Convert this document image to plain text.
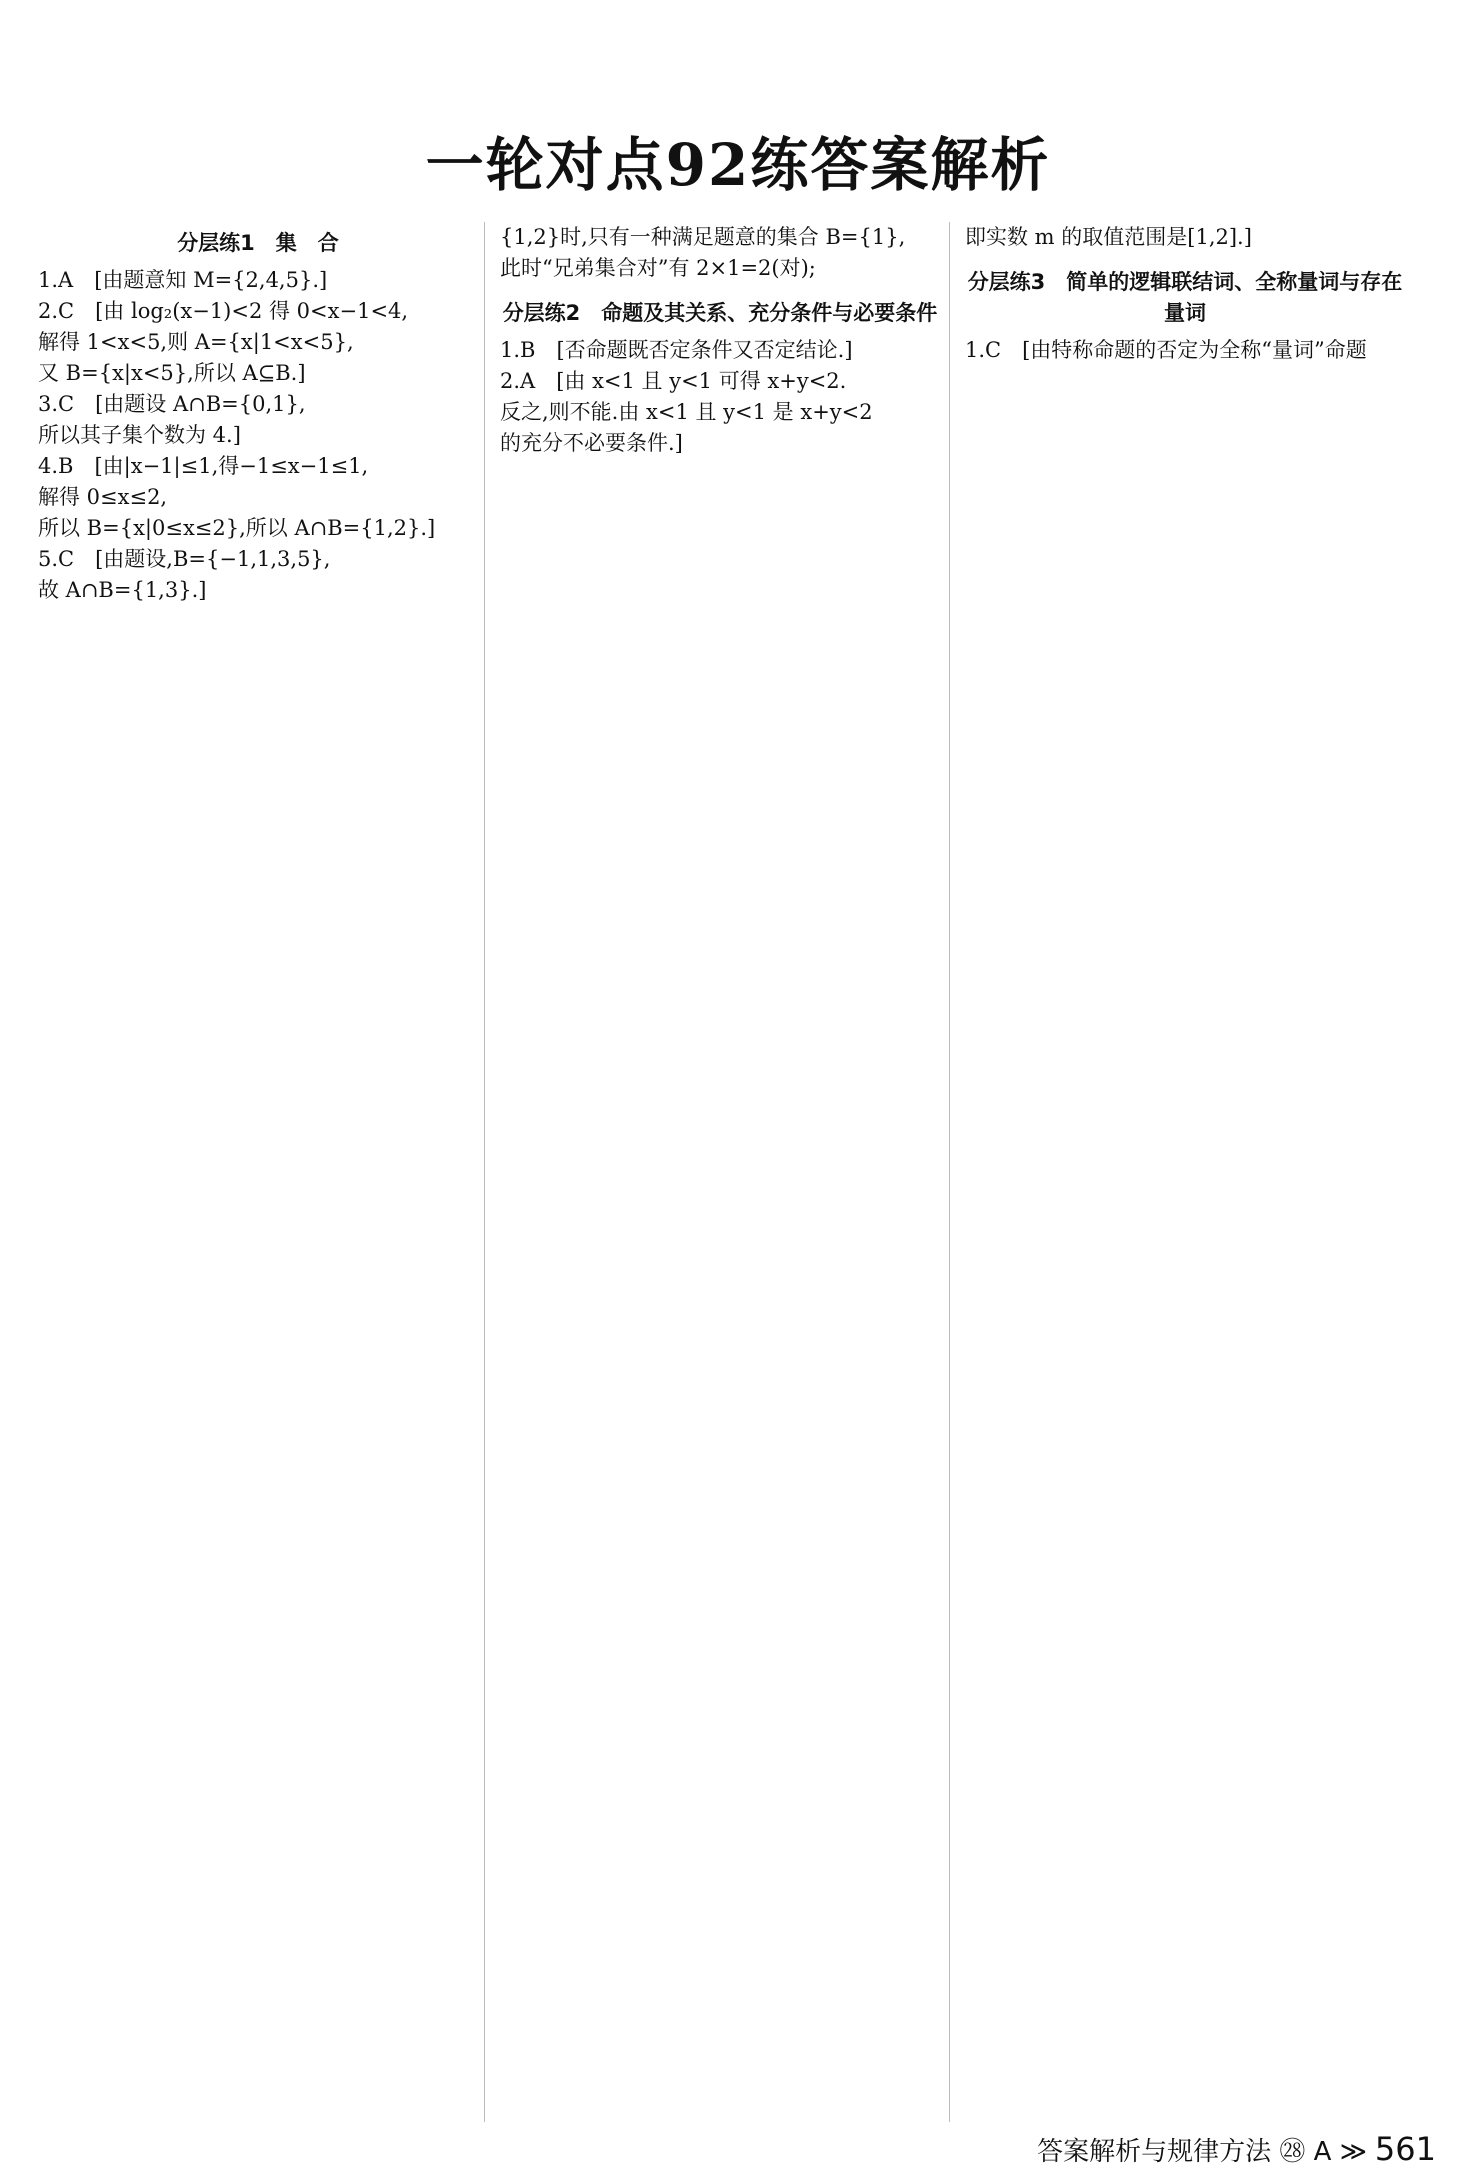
一轮对点92练答案解析
分层练1　集　合
1.A　[由题意知 M={2,4,5}.]
2.C　[由 log₂(x−1)<2 得 0<x−1<4,
解得 1<x<5,则 A={x|1<x<5},
又 B={x|x<5},所以 A⊆B.]
3.C　[由题设 A∩B={0,1},
所以其子集个数为 4.]
4.B　[由|x−1|≤1,得−1≤x−1≤1,
解得 0≤x≤2,
所以 B={x|0≤x≤2},所以 A∩B={1,2}.]
5.C　[由题设,B={−1,1,3,5},
故 A∩B={1,3}.]
{1,2}时,只有一种满足题意的集合 B={1},
此时“兄弟集合对”有 2×1=2(对);
分层练2　命题及其关系、充分条件与必要条件
1.B　[否命题既否定条件又否定结论.]
2.A　[由 x<1 且 y<1 可得 x+y<2.
反之,则不能.由 x<1 且 y<1 是 x+y<2
的充分不必要条件.]
即实数 m 的取值范围是[1,2].]
分层练3　简单的逻辑联结词、全称量词与存在量词
1.C　[由特称命题的否定为全称“量词”命题
答案解析与规律方法 ㉘ A ≫ 561
